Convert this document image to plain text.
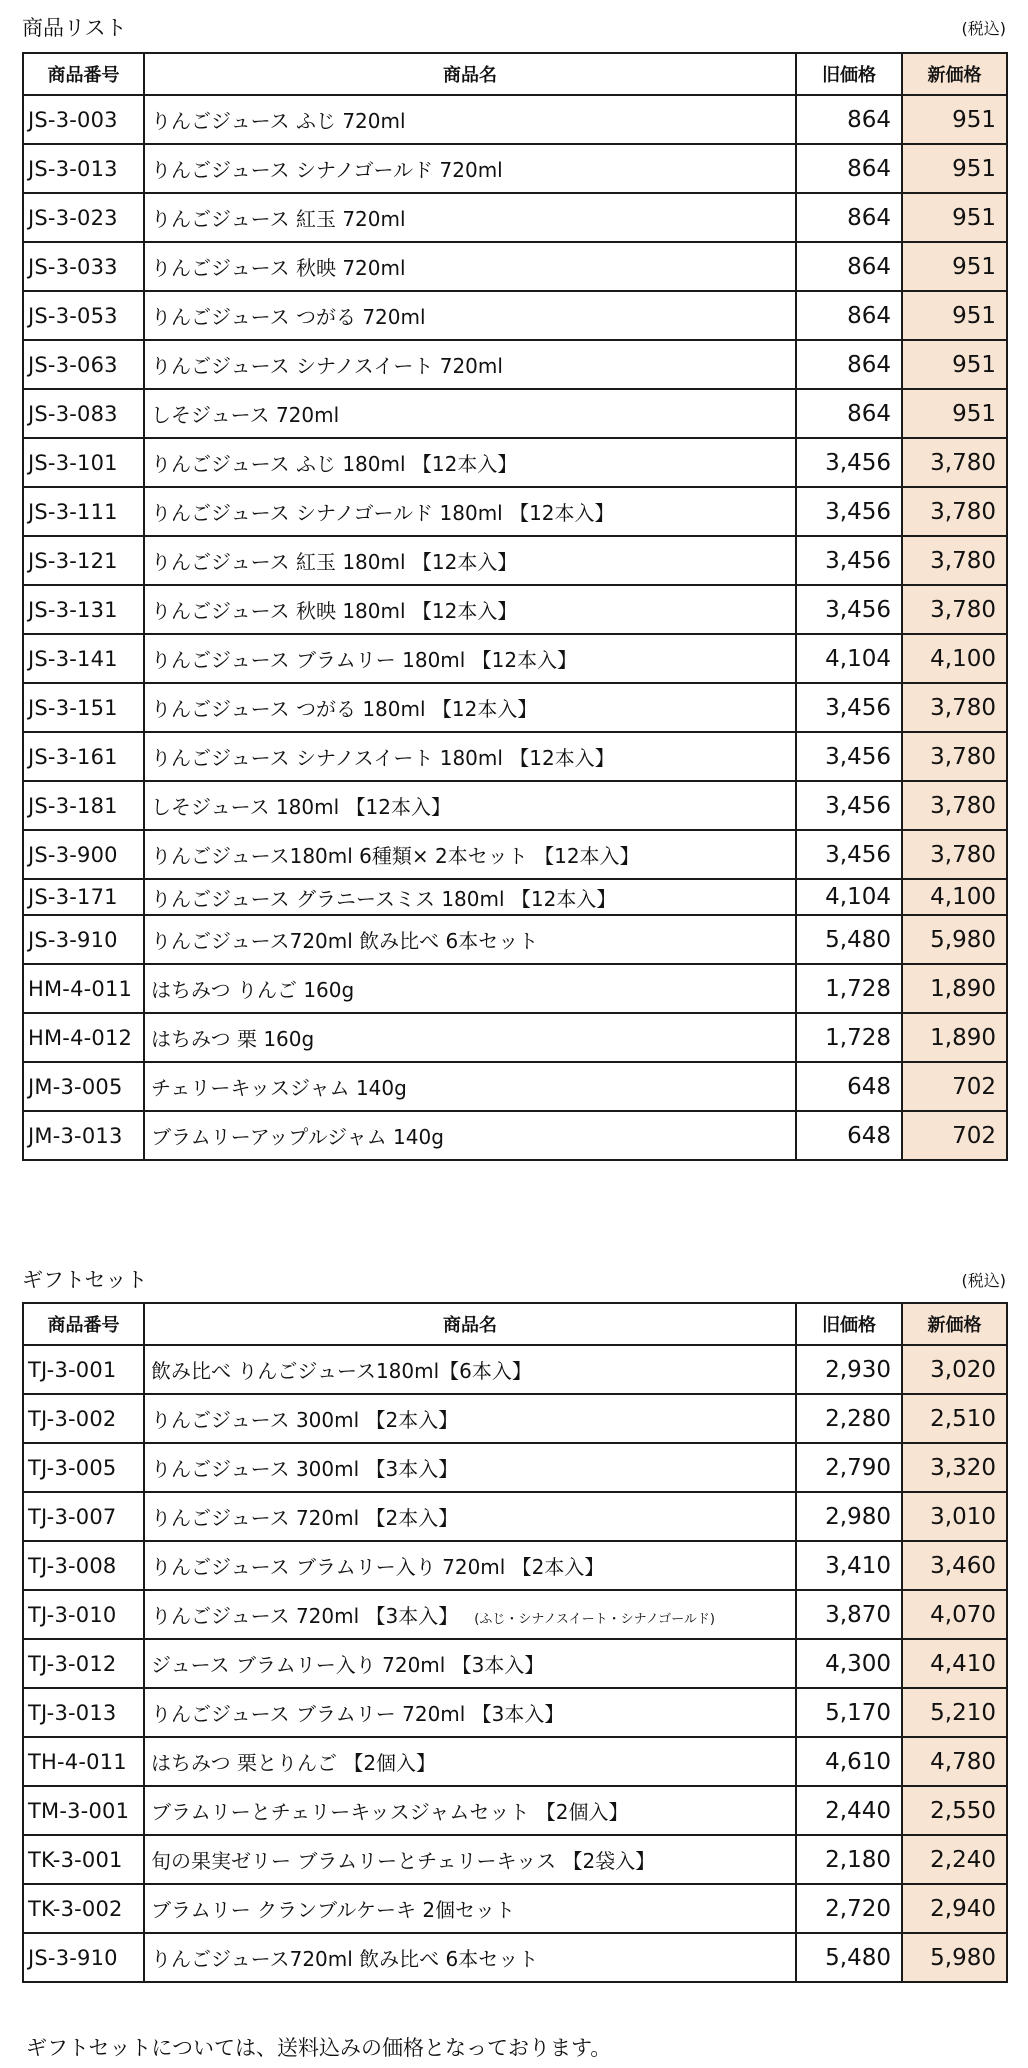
商品リスト	(税込)
商品番号	商品名	旧価格	新価格
JS-3-003	りんごジュース ふじ 720ml	864	951
JS-3-013	りんごジュース シナノゴールド 720ml	864	951
JS-3-023	りんごジュース 紅玉 720ml	864	951
JS-3-033	りんごジュース 秋映 720ml	864	951
JS-3-053	りんごジュース つがる 720ml	864	951
JS-3-063	りんごジュース シナノスイート 720ml	864	951
JS-3-083	しそジュース 720ml	864	951
JS-3-101	りんごジュース ふじ 180ml 【12本入】	3,456	3,780
JS-3-111	りんごジュース シナノゴールド 180ml 【12本入】	3,456	3,780
JS-3-121	りんごジュース 紅玉 180ml 【12本入】	3,456	3,780
JS-3-131	りんごジュース 秋映 180ml 【12本入】	3,456	3,780
JS-3-141	りんごジュース ブラムリー 180ml 【12本入】	4,104	4,100
JS-3-151	りんごジュース つがる 180ml 【12本入】	3,456	3,780
JS-3-161	りんごジュース シナノスイート 180ml 【12本入】	3,456	3,780
JS-3-181	しそジュース 180ml 【12本入】	3,456	3,780
JS-3-900	りんごジュース180ml 6種類× 2本セット 【12本入】	3,456	3,780
JS-3-171	りんごジュース グラニースミス 180ml 【12本入】	4,104	4,100
JS-3-910	りんごジュース720ml 飲み比べ 6本セット	5,480	5,980
HM-4-011	はちみつ りんご 160g	1,728	1,890
HM-4-012	はちみつ 栗 160g	1,728	1,890
JM-3-005	チェリーキッスジャム 140g	648	702
JM-3-013	ブラムリーアップルジャム 140g	648	702
ギフトセット	(税込)
商品番号	商品名	旧価格	新価格
TJ-3-001	飲み比べ りんごジュース180ml【6本入】	2,930	3,020
TJ-3-002	りんごジュース 300ml 【2本入】	2,280	2,510
TJ-3-005	りんごジュース 300ml 【3本入】	2,790	3,320
TJ-3-007	りんごジュース 720ml 【2本入】	2,980	3,010
TJ-3-008	りんごジュース ブラムリー入り 720ml 【2本入】	3,410	3,460
TJ-3-010	りんごジュース 720ml 【3本入】 (ふじ・シナノスイート・シナノゴールド)	3,870	4,070
TJ-3-012	ジュース ブラムリー入り 720ml 【3本入】	4,300	4,410
TJ-3-013	りんごジュース ブラムリー 720ml 【3本入】	5,170	5,210
TH-4-011	はちみつ 栗とりんご 【2個入】	4,610	4,780
TM-3-001	ブラムリーとチェリーキッスジャムセット 【2個入】	2,440	2,550
TK-3-001	旬の果実ゼリー ブラムリーとチェリーキッス 【2袋入】	2,180	2,240
TK-3-002	ブラムリー クランブルケーキ 2個セット	2,720	2,940
JS-3-910	りんごジュース720ml 飲み比べ 6本セット	5,480	5,980
ギフトセットについては、送料込みの価格となっております。
